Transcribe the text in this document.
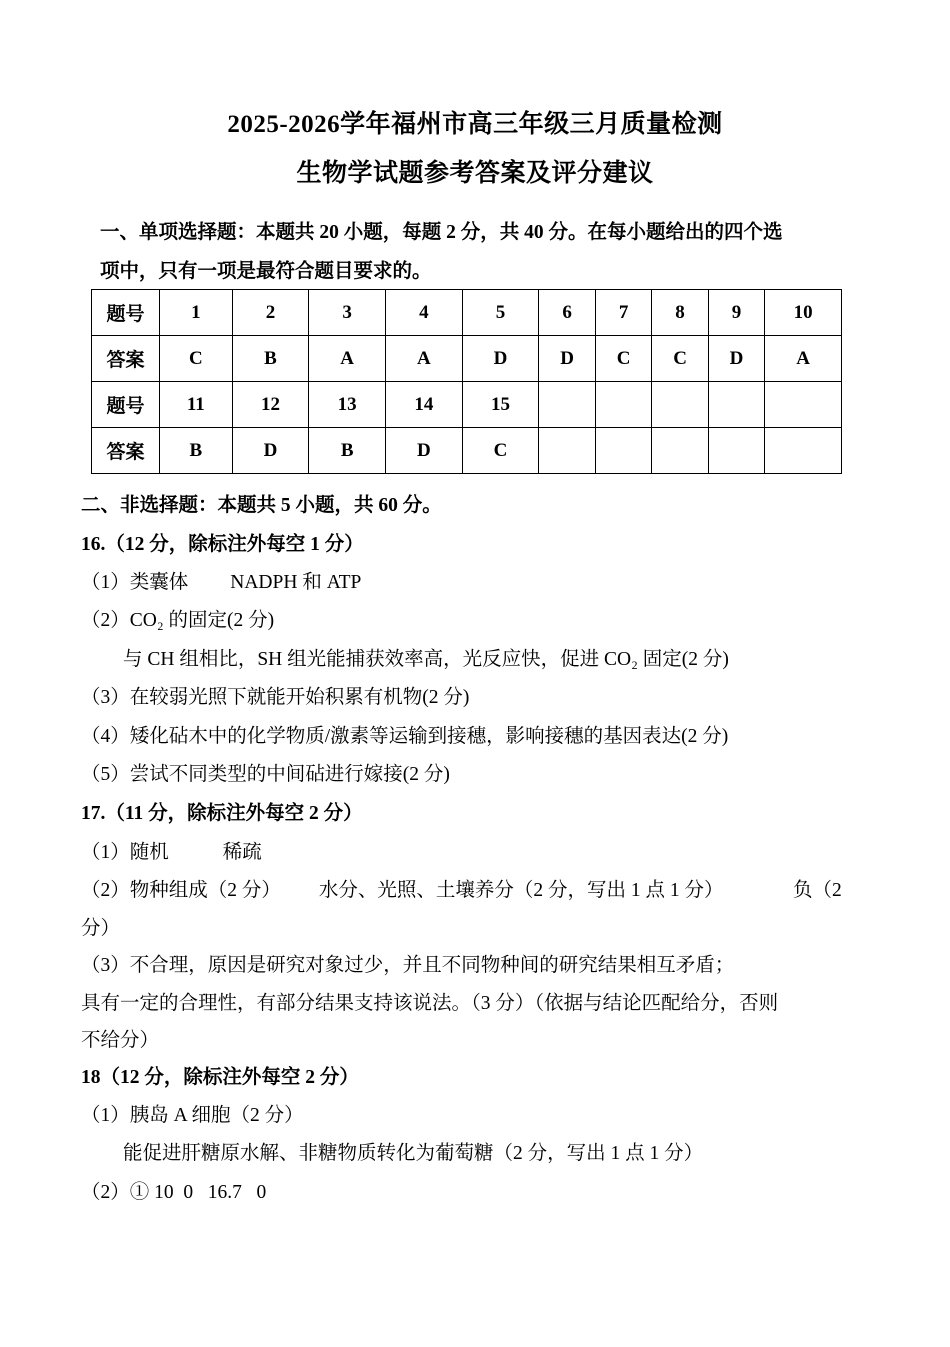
2025-2026学年福州市高三年级三月质量检测
生物学试题参考答案及评分建议
一、单项选择题：本题共 20 小题，每题 2 分，共 40 分。在每小题给出的四个选
项中，只有一项是最符合题目要求的。
题号	1	2	3	4	5	6	7	8	9	10
答案	C	B	A	A	D	D	C	C	D	A
题号	11	12	13	14	15					
答案	B	D	B	D	C					
二、非选择题：本题共 5 小题，共 60 分。
16.（12 分，除标注外每空 1 分）
（1）类囊体 NADPH 和 ATP
（2）CO₂ 的固定(2 分)
与 CH 组相比，SH 组光能捕获效率高，光反应快，促进 CO₂ 固定(2 分)
（3）在较弱光照下就能开始积累有机物(2 分)
（4）矮化砧木中的化学物质/激素等运输到接穗，影响接穗的基因表达(2 分)
（5）尝试不同类型的中间砧进行嫁接(2 分)
17.（11 分，除标注外每空 2 分）
（1）随机	稀疏
（2）物种组成（2 分） 水分、光照、土壤养分（2 分，写出 1 点 1 分）	负（2
分）
（3）不合理，原因是研究对象过少，并且不同物种间的研究结果相互矛盾；
具有一定的合理性，有部分结果支持该说法。（3 分）（依据与结论匹配给分，否则
不给分）
18（12 分，除标注外每空 2 分）
（1）胰岛 A 细胞（2 分）
能促进肝糖原水解、非糖物质转化为葡萄糖（2 分，写出 1 点 1 分）
（2）① 10  0   16.7   0
